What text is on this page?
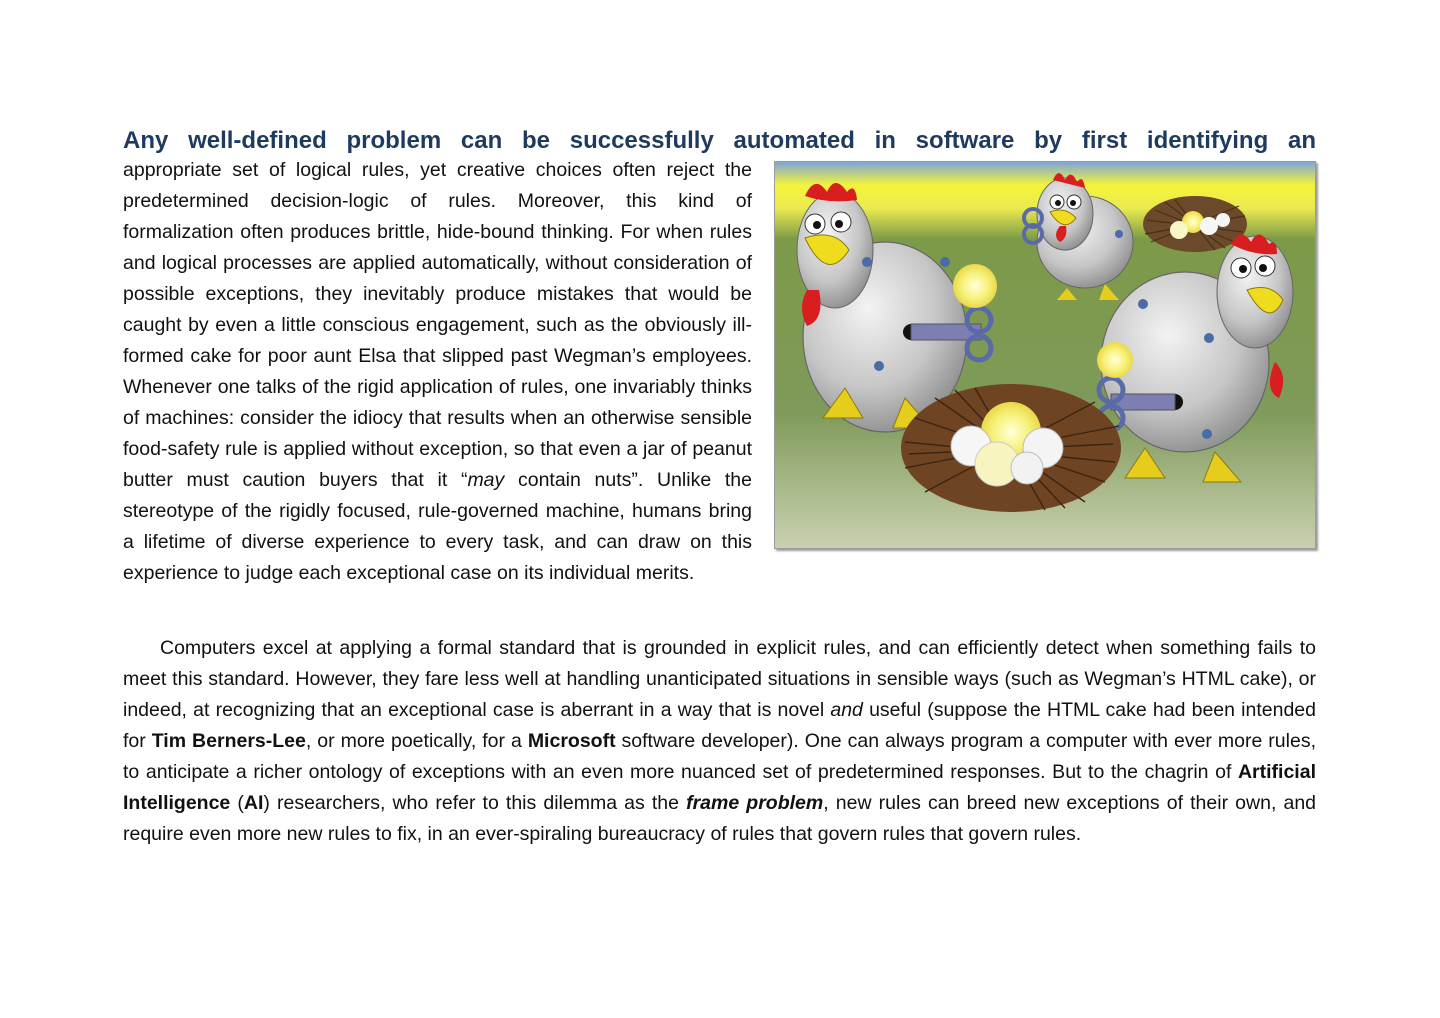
Any well-defined problem can be successfully automated in software by first identifying an
appropriate set of logical rules, yet creative choices often reject the predetermined decision-logic of rules. Moreover, this kind of formalization often produces brittle, hide-bound thinking. For when rules and logical processes are applied automatically, without consideration of possible exceptions, they inevitably produce mistakes that would be caught by even a little conscious engagement, such as the obviously ill-formed cake for poor aunt Elsa that slipped past Wegman’s employees. Whenever one talks of the rigid application of rules, one invariably thinks of machines: consider the idiocy that results when an otherwise sensible food-safety rule is applied without exception, so that even a jar of peanut butter must caution buyers that it “may contain nuts”. Unlike the stereotype of the rigidly focused, rule-governed machine, humans bring a lifetime of diverse experience to every task, and can draw on this experience to judge each exceptional case on its individual merits.
Computers excel at applying a formal standard that is grounded in explicit rules, and can efficiently detect when something fails to meet this standard. However, they fare less well at handling unanticipated situations in sensible ways (such as Wegman’s HTML cake), or indeed, at recognizing that an exceptional case is aberrant in a way that is novel and useful (suppose the HTML cake had been intended for Tim Berners-Lee, or more poetically, for a Microsoft software developer). One can always program a computer with ever more rules, to anticipate a richer ontology of exceptions with an even more nuanced set of predetermined responses. But to the chagrin of Artificial Intelligence (AI) researchers, who refer to this dilemma as the frame problem, new rules can breed new exceptions of their own, and require even more new rules to fix, in an ever-spiraling bureaucracy of rules that govern rules that govern rules.
